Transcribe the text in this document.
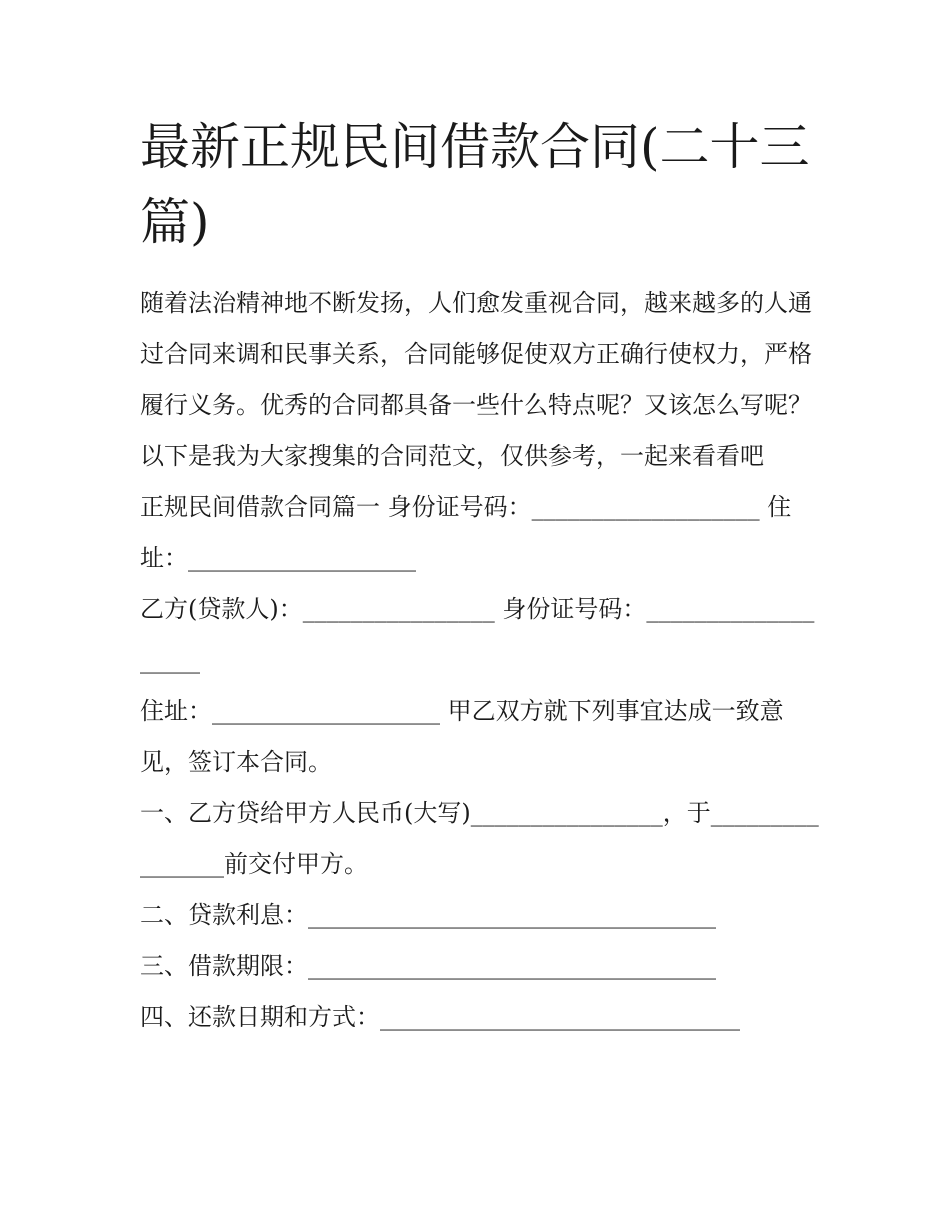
最新正规民间借款合同(二十三篇)

随着法治精神地不断发扬，人们愈发重视合同，越来越多的人通过合同来调和民事关系，合同能够促使双方正确行使权力，严格履行义务。优秀的合同都具备一些什么特点呢？又该怎么写呢？以下是我为大家搜集的合同范文，仅供参考，一起来看看吧

正规民间借款合同篇一 身份证号码：___________________ 住址：___________________

乙方(贷款人)：________________ 身份证号码：___________________

住址：___________________ 甲乙双方就下列事宜达成一致意见，签订本合同。

一、乙方贷给甲方人民币(大写)________________，于________________前交付甲方。

二、贷款利息：__________________________________

三、借款期限：__________________________________

四、还款日期和方式：______________________________
